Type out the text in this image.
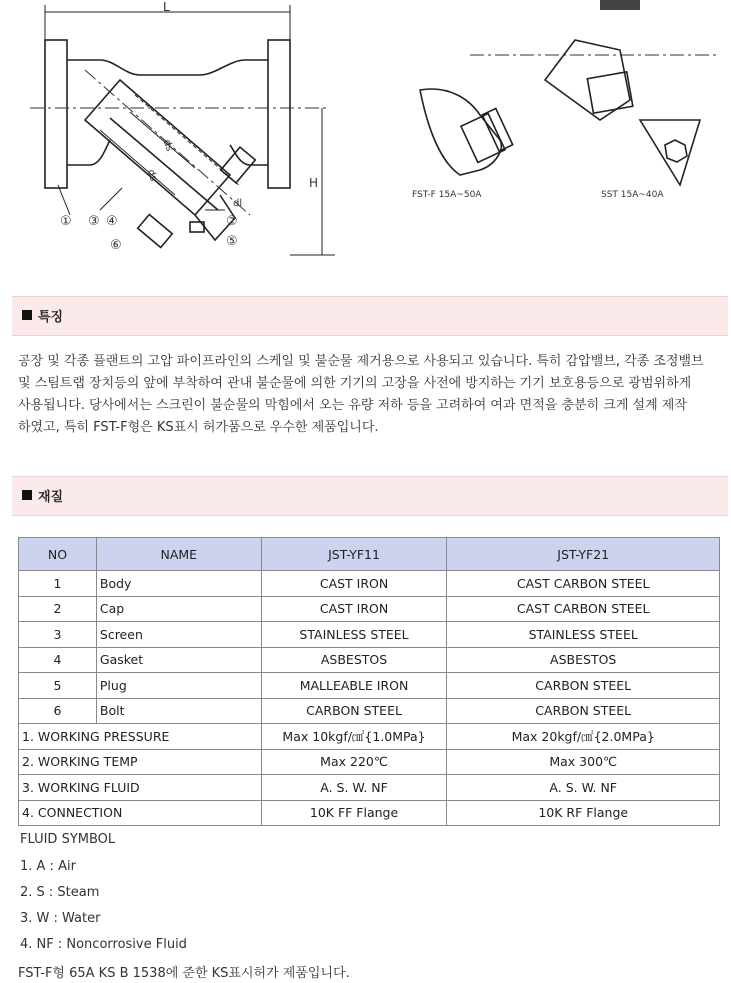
L
H
ds
ds
dl
① ③ ④	②
⑥	⑤
FST-F 15A~50A	SST 15A~40A
특징

공장 및 각종 플랜트의 고압 파이프라인의 스케일 및 불순물 제거용으로 사용되고 있습니다. 특히 감압밸브, 각종 조정밸브 및 스팀트랩 장치등의 앞에 부착하여 관내 불순물에 의한 기기의 고장을 사전에 방지하는 기기 보호용등으로 광범위하게 사용됩니다. 당사에서는 스크린이 불순물의 막힘에서 오는 유량 저하 등을 고려하여 여과 면적을 충분히 크게 설계 제작 하였고, 특히 FST-F형은 KS표시 허가품으로 우수한 제품입니다.

재질
NO	NAME	JST-YF11	JST-YF21
1	Body	CAST IRON	CAST CARBON STEEL
2	Cap	CAST IRON	CAST CARBON STEEL
3	Screen	STAINLESS STEEL	STAINLESS STEEL
4	Gasket	ASBESTOS	ASBESTOS
5	Plug	MALLEABLE IRON	CARBON STEEL
6	Bolt	CARBON STEEL	CARBON STEEL
1. WORKING PRESSURE		Max 10kgf/㎠{1.0MPa}	Max 20kgf/㎠{2.0MPa}
2. WORKING TEMP		Max 220℃	Max 300℃
3. WORKING FLUID		A. S. W. NF	A. S. W. NF
4. CONNECTION		10K FF Flange	10K RF Flange
FLUID SYMBOL
1. A : Air
2. S : Steam
3. W : Water
4. NF : Noncorrosive Fluid
FST-F형 65A KS B 1538에 준한 KS표시허가 제품입니다.
